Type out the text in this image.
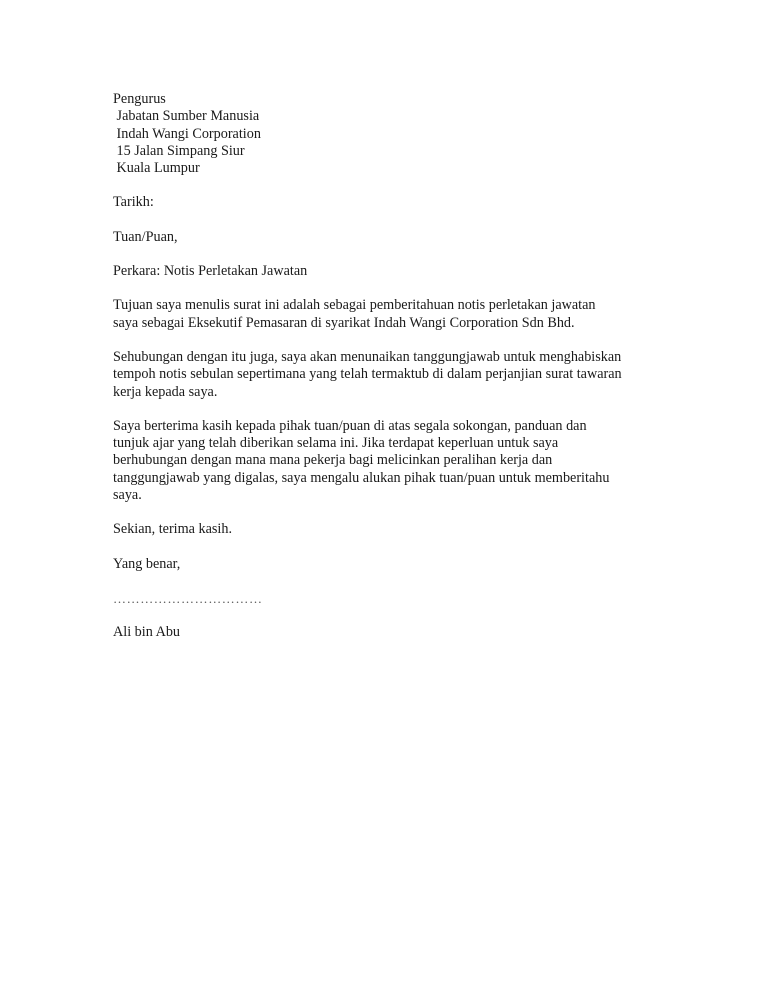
Pengurus
Jabatan Sumber Manusia
Indah Wangi Corporation
15 Jalan Simpang Siur
Kuala Lumpur
Tarikh:
Tuan/Puan,
Perkara: Notis Perletakan Jawatan

Tujuan saya menulis surat ini adalah sebagai pemberitahuan notis perletakan jawatan
saya sebagai Eksekutif Pemasaran di syarikat Indah Wangi Corporation Sdn Bhd.

Sehubungan dengan itu juga, saya akan menunaikan tanggungjawab untuk menghabiskan
tempoh notis sebulan sepertimana yang telah termaktub di dalam perjanjian surat tawaran
kerja kepada saya.

Saya berterima kasih kepada pihak tuan/puan di atas segala sokongan, panduan dan
tunjuk ajar yang telah diberikan selama ini. Jika terdapat keperluan untuk saya
berhubungan dengan mana mana pekerja bagi melicinkan peralihan kerja dan
tanggungjawab yang digalas, saya mengalu alukan pihak tuan/puan untuk memberitahu
saya.

Sekian, terima kasih.
Yang benar,
……………………………
Ali bin Abu
